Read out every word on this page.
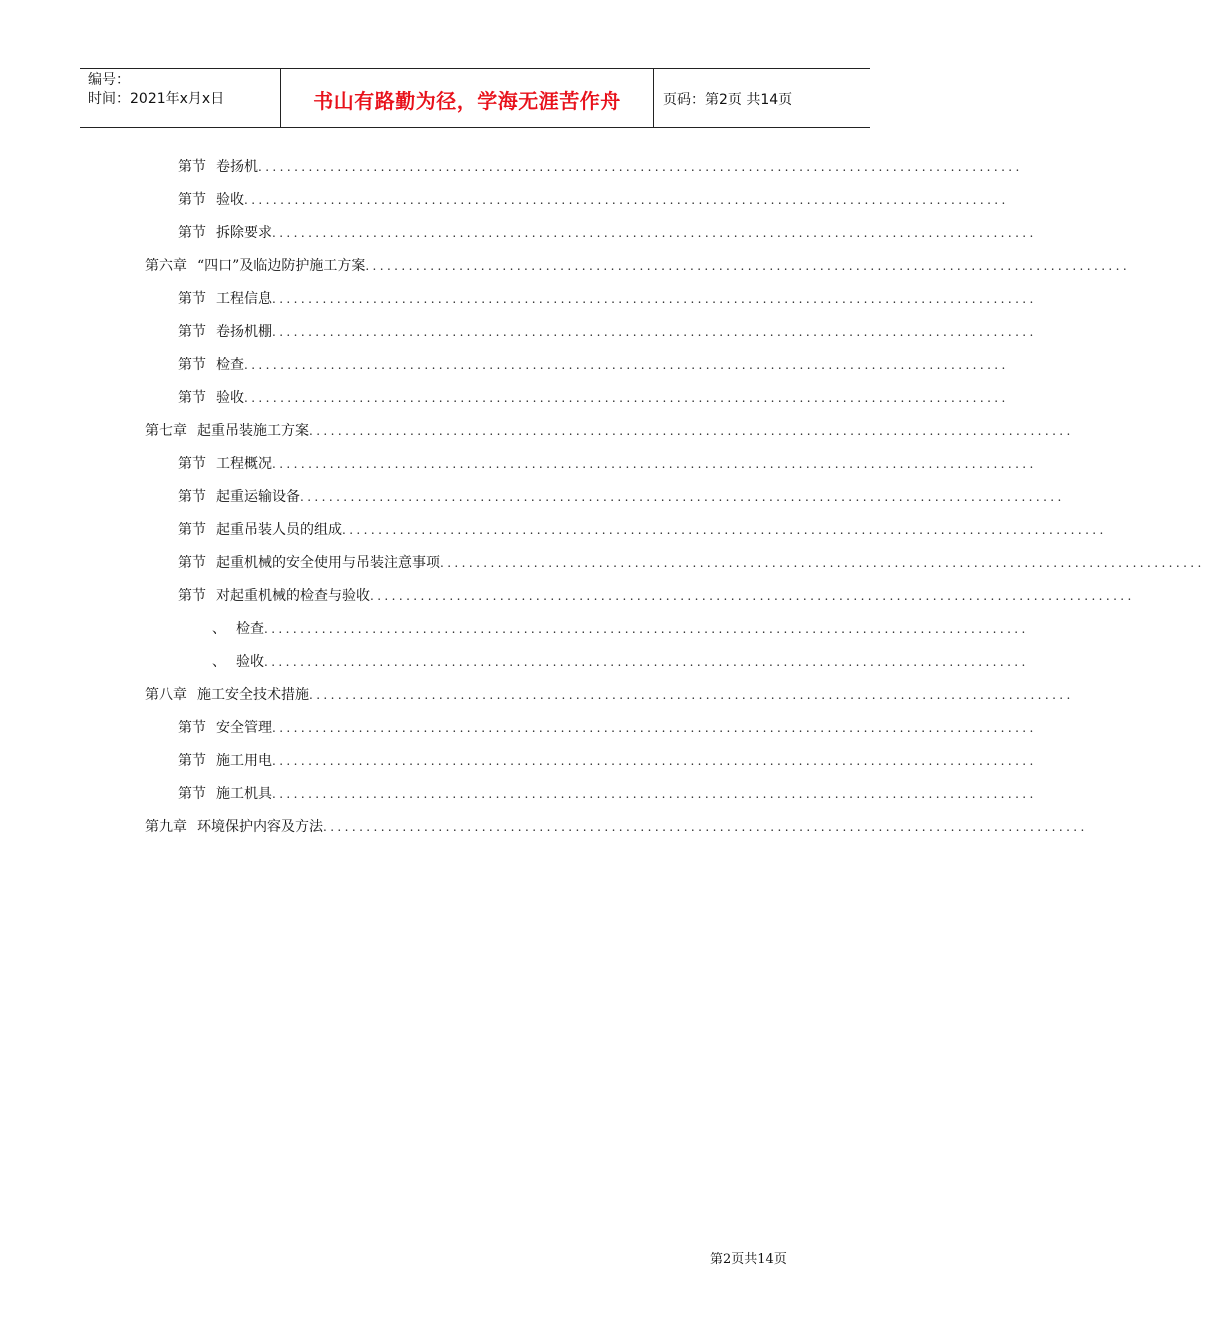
编号：
时间：2021年x月x日	书山有路勤为径，学海无涯苦作舟	页码：第2页 共14页
第节 卷扬机 ..........................................................................................................
第节 验收 ..........................................................................................................
第节 拆除要求 ..........................................................................................................
第六章 “四口”及临边防护施工方案 ..........................................................................................................
第节 工程信息 ..........................................................................................................
第节 卷扬机棚 ..........................................................................................................
第节 检查 ..........................................................................................................
第节 验收 ..........................................................................................................
第七章 起重吊装施工方案 ..........................................................................................................
第节 工程概况 ..........................................................................................................
第节 起重运输设备 ..........................................................................................................
第节 起重吊装人员的组成 ..........................................................................................................
第节 起重机械的安全使用与吊装注意事项 ..........................................................................................................
第节 对起重机械的检查与验收 ..........................................................................................................
、 检查 ..........................................................................................................
、 验收 ..........................................................................................................
第八章 施工安全技术措施 ..........................................................................................................
第节 安全管理 ..........................................................................................................
第节 施工用电 ..........................................................................................................
第节 施工机具 ..........................................................................................................
第九章 环境保护内容及方法 ..........................................................................................................
第2页共14页
